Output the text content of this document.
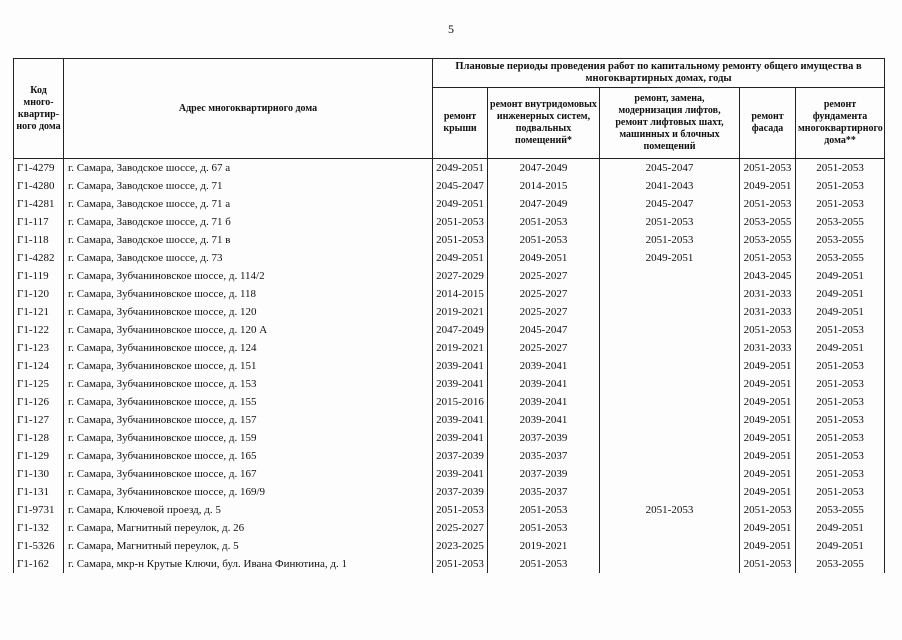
5
Код много-квартир-ного дома	Адрес многоквартирного дома	Плановые периоды проведения работ по капитальному ремонту общего имущества в многоквартирных домах, годы				
		ремонт крыши	ремонт внутридомовых инженерных систем, подвальных помещений*	ремонт, замена, модернизация лифтов, ремонт лифтовых шахт, машинных и блочных помещений	ремонт фасада	ремонт фундамента многоквартирного дома**
Г1-4279	г. Самара, Заводское шоссе, д. 67 а	2049-2051	2047-2049	2045-2047	2051-2053	2051-2053
Г1-4280	г. Самара, Заводское шоссе, д. 71	2045-2047	2014-2015	2041-2043	2049-2051	2051-2053
Г1-4281	г. Самара, Заводское шоссе, д. 71 а	2049-2051	2047-2049	2045-2047	2051-2053	2051-2053
Г1-117	г. Самара, Заводское шоссе, д. 71 б	2051-2053	2051-2053	2051-2053	2053-2055	2053-2055
Г1-118	г. Самара, Заводское шоссе, д. 71 в	2051-2053	2051-2053	2051-2053	2053-2055	2053-2055
Г1-4282	г. Самара, Заводское шоссе, д. 73	2049-2051	2049-2051	2049-2051	2051-2053	2053-2055
Г1-119	г. Самара, Зубчаниновское шоссе, д. 114/2	2027-2029	2025-2027		2043-2045	2049-2051
Г1-120	г. Самара, Зубчаниновское шоссе, д. 118	2014-2015	2025-2027		2031-2033	2049-2051
Г1-121	г. Самара, Зубчаниновское шоссе, д. 120	2019-2021	2025-2027		2031-2033	2049-2051
Г1-122	г. Самара, Зубчаниновское шоссе, д. 120 А	2047-2049	2045-2047		2051-2053	2051-2053
Г1-123	г. Самара, Зубчаниновское шоссе, д. 124	2019-2021	2025-2027		2031-2033	2049-2051
Г1-124	г. Самара, Зубчаниновское шоссе, д. 151	2039-2041	2039-2041		2049-2051	2051-2053
Г1-125	г. Самара, Зубчаниновское шоссе, д. 153	2039-2041	2039-2041		2049-2051	2051-2053
Г1-126	г. Самара, Зубчаниновское шоссе, д. 155	2015-2016	2039-2041		2049-2051	2051-2053
Г1-127	г. Самара, Зубчаниновское шоссе, д. 157	2039-2041	2039-2041		2049-2051	2051-2053
Г1-128	г. Самара, Зубчаниновское шоссе, д. 159	2039-2041	2037-2039		2049-2051	2051-2053
Г1-129	г. Самара, Зубчаниновское шоссе, д. 165	2037-2039	2035-2037		2049-2051	2051-2053
Г1-130	г. Самара, Зубчаниновское шоссе, д. 167	2039-2041	2037-2039		2049-2051	2051-2053
Г1-131	г. Самара, Зубчаниновское шоссе, д. 169/9	2037-2039	2035-2037		2049-2051	2051-2053
Г1-9731	г. Самара, Ключевой проезд, д. 5	2051-2053	2051-2053	2051-2053	2051-2053	2053-2055
Г1-132	г. Самара, Магнитный переулок, д. 26	2025-2027	2051-2053		2049-2051	2049-2051
Г1-5326	г. Самара, Магнитный переулок, д. 5	2023-2025	2019-2021		2049-2051	2049-2051
Г1-162	г. Самара, мкр-н Крутые Ключи, бул. Ивана Финютина, д. 1	2051-2053	2051-2053		2051-2053	2053-2055
